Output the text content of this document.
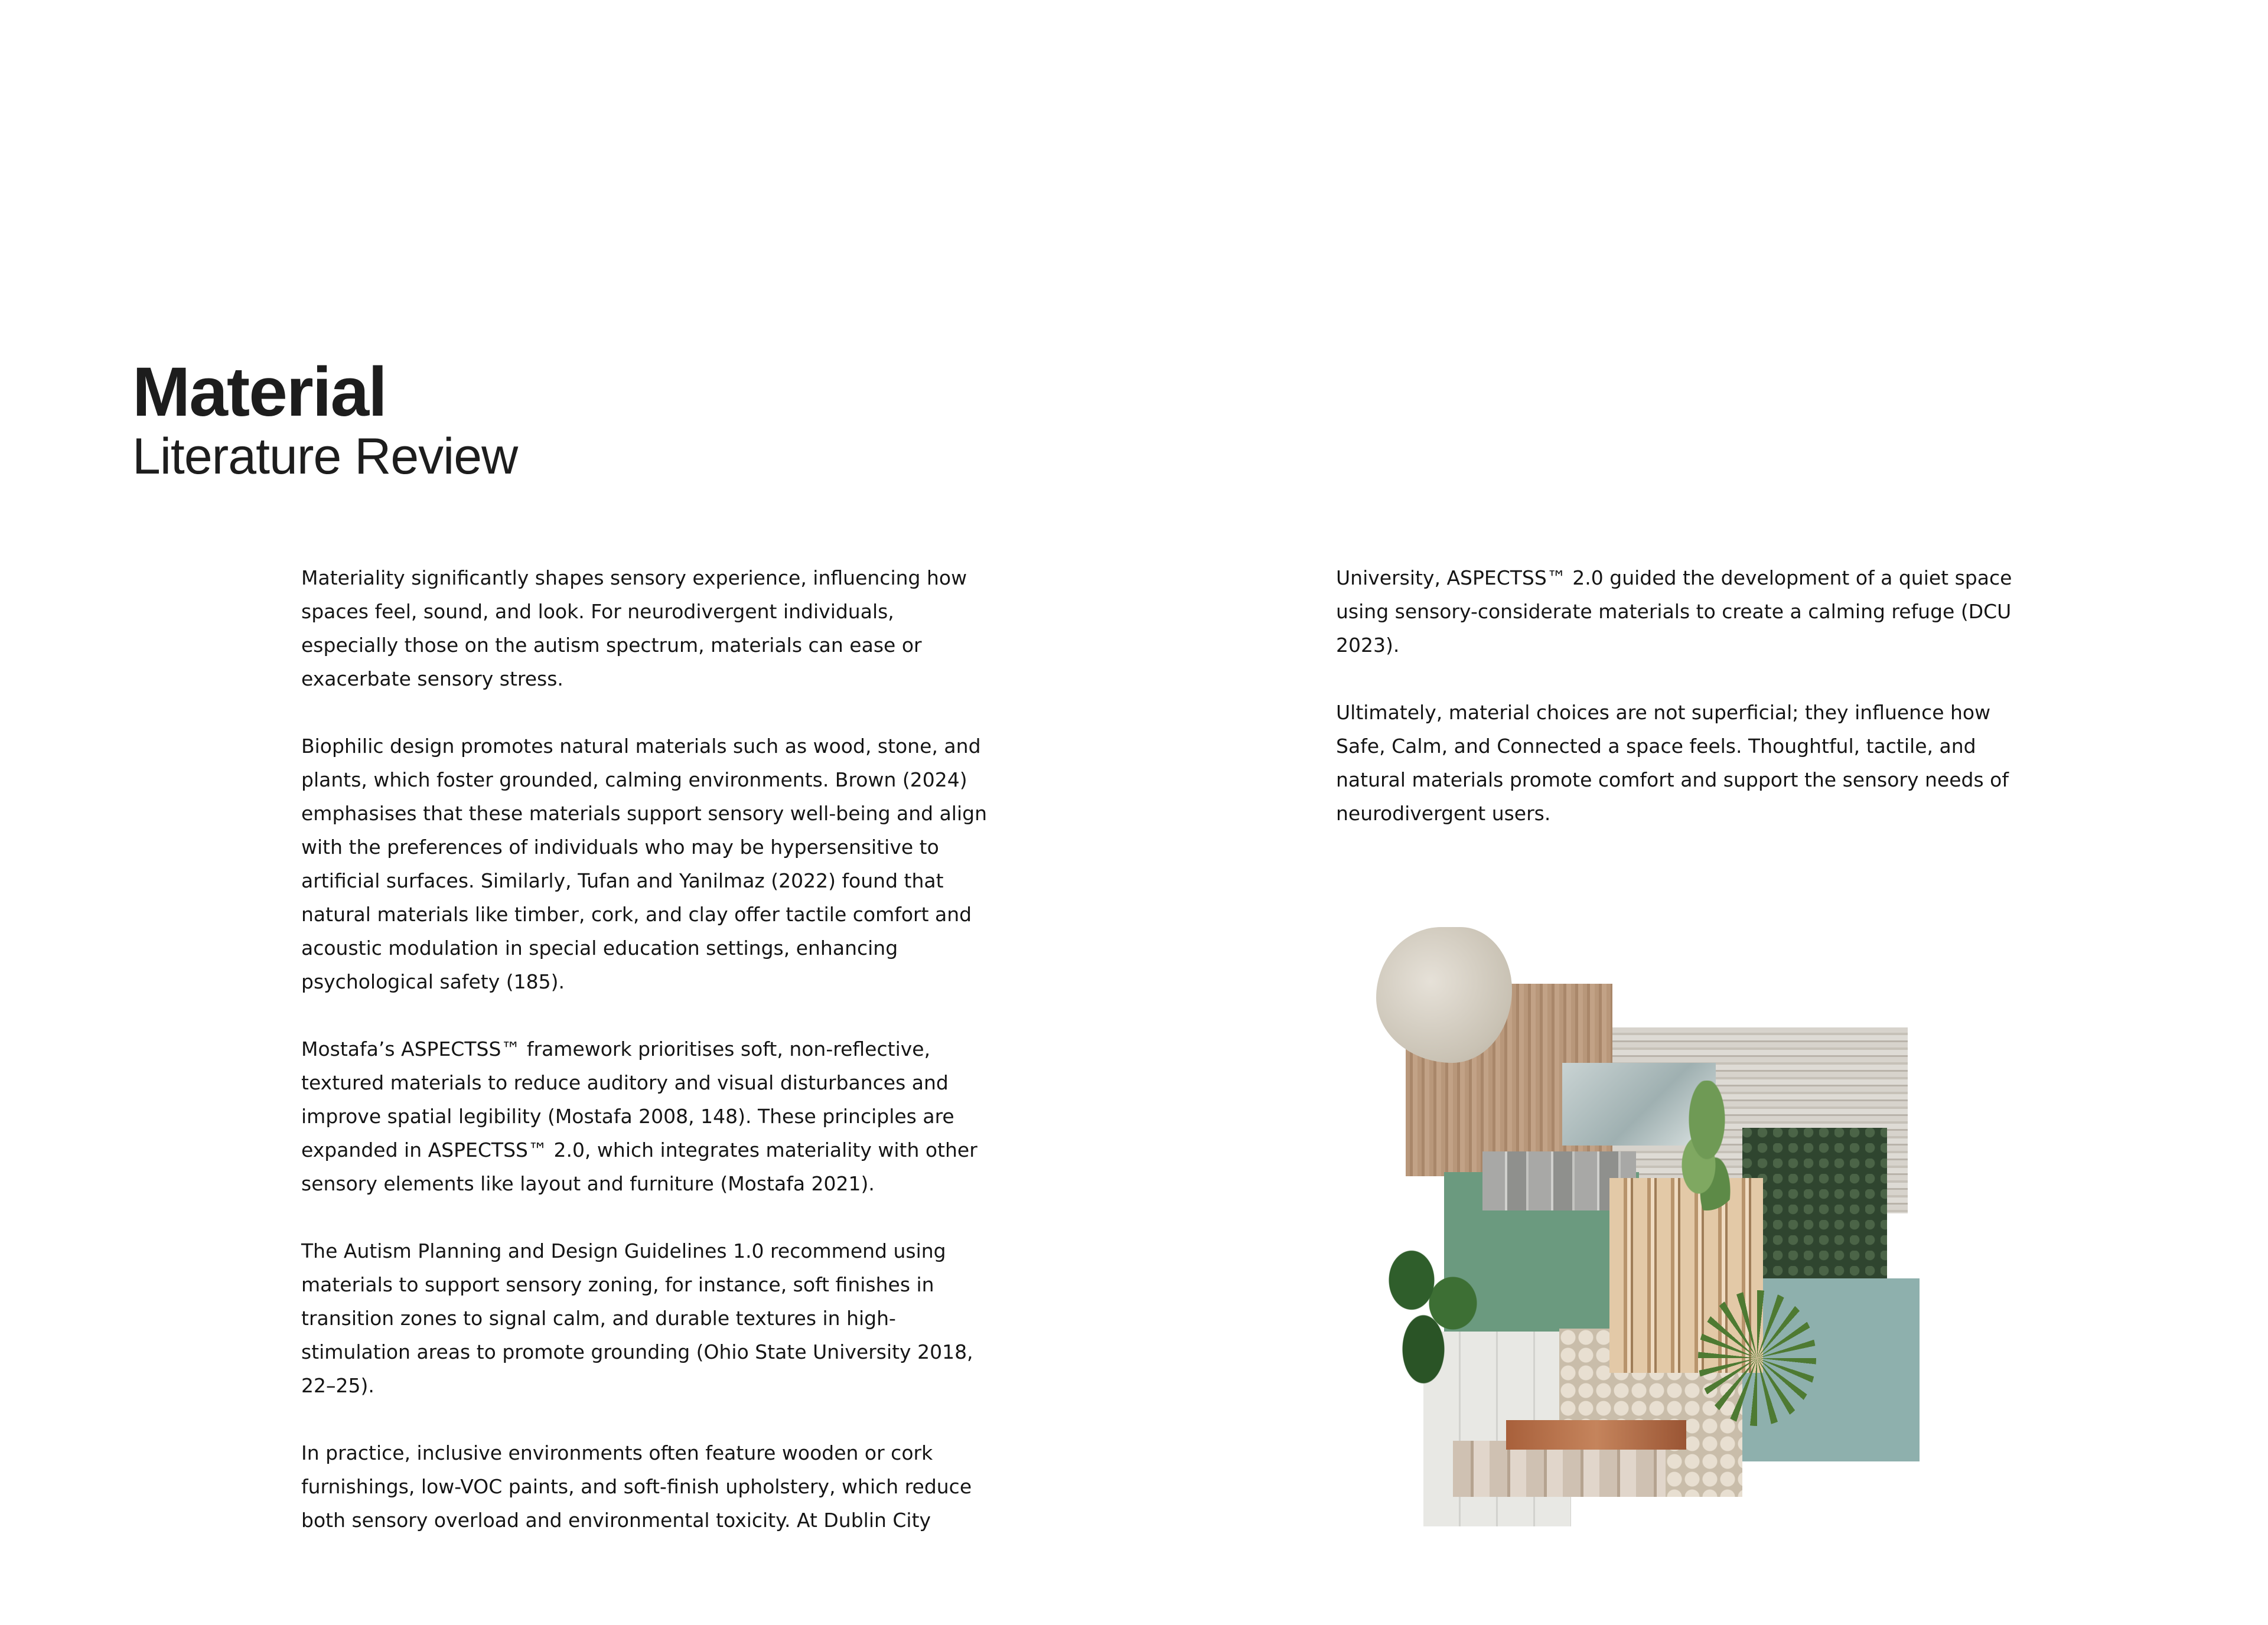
Material
Literature Review

Materiality significantly shapes sensory experience, influencing how spaces feel, sound, and look. For neurodivergent individuals, especially those on the autism spectrum, materials can ease or exacerbate sensory stress.

Biophilic design promotes natural materials such as wood, stone, and plants, which foster grounded, calming environments. Brown (2024) emphasises that these materials support sensory well-being and align with the preferences of individuals who may be hypersensitive to artificial surfaces. Similarly, Tufan and Yanilmaz (2022) found that natural materials like timber, cork, and clay offer tactile comfort and acoustic modulation in special education settings, enhancing psychological safety (185).

Mostafa’s ASPECTSS™ framework prioritises soft, non-reflective, textured materials to reduce auditory and visual disturbances and improve spatial legibility (Mostafa 2008, 148). These principles are expanded in ASPECTSS™ 2.0, which integrates materiality with other sensory elements like layout and furniture (Mostafa 2021).

The Autism Planning and Design Guidelines 1.0 recommend using materials to support sensory zoning, for instance, soft finishes in transition zones to signal calm, and durable textures in high-stimulation areas to promote grounding (Ohio State University 2018, 22–25).

In practice, inclusive environments often feature wooden or cork furnishings, low-VOC paints, and soft-finish upholstery, which reduce both sensory overload and environmental toxicity. At Dublin City

University, ASPECTSS™ 2.0 guided the development of a quiet space using sensory-considerate materials to create a calming refuge (DCU 2023).

Ultimately, material choices are not superficial; they influence how Safe, Calm, and Connected a space feels. Thoughtful, tactile, and natural materials promote comfort and support the sensory needs of neurodivergent users.
